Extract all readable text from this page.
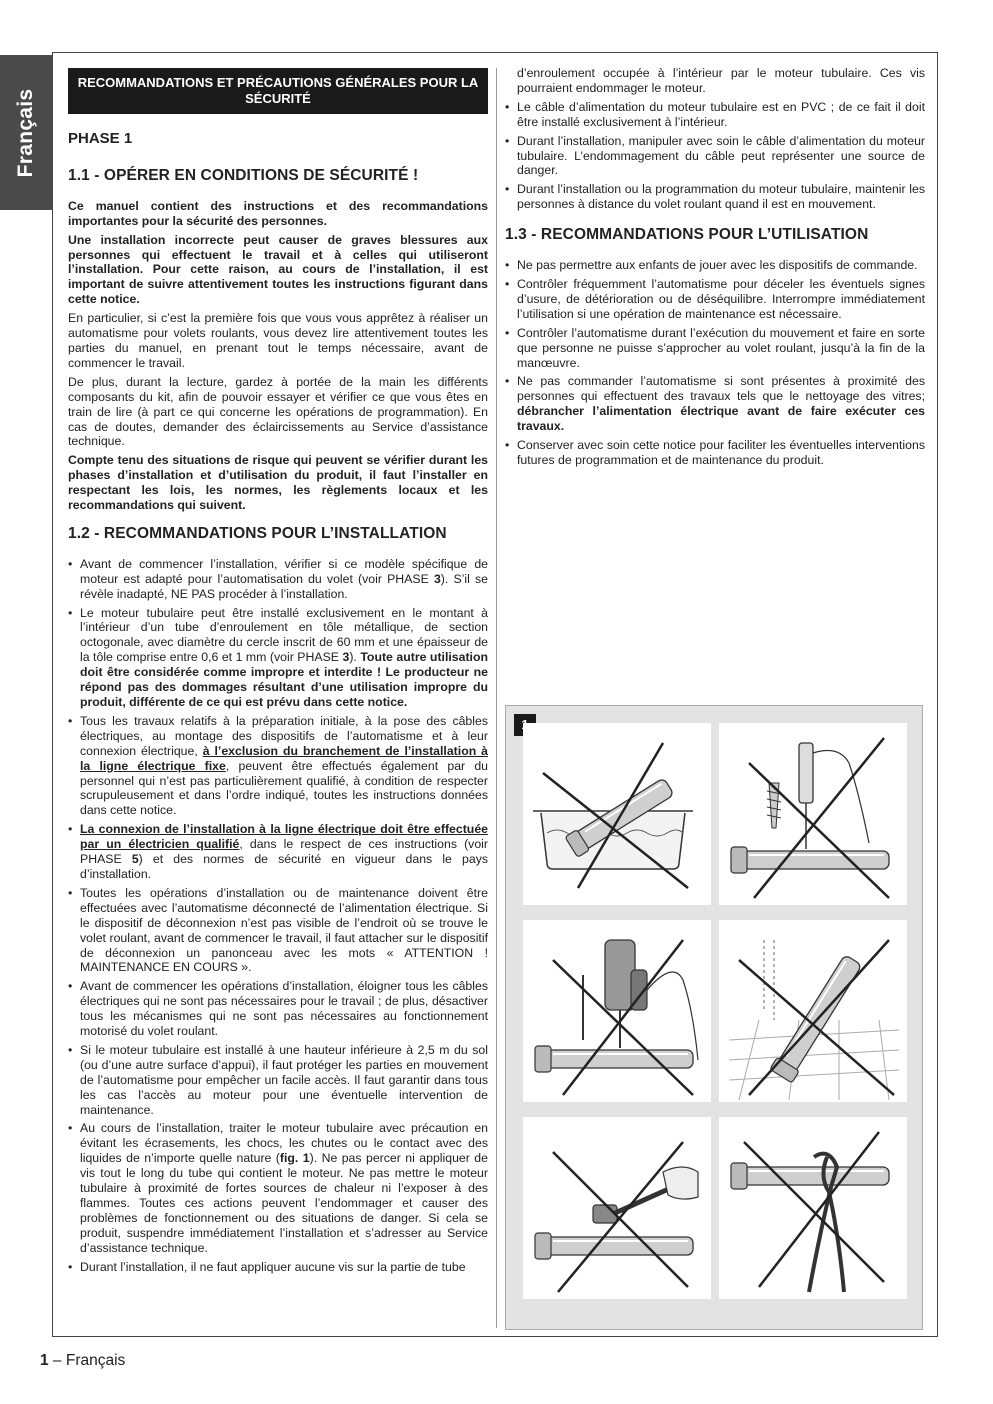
Français
RECOMMANDATIONS ET PRÉCAUTIONS GÉNÉRALES POUR LA SÉCURITÉ
PHASE 1
1.1 - OPÉRER EN CONDITIONS DE SÉCURITÉ !

Ce manuel contient des instructions et des recommandations importantes pour la sécurité des personnes.

Une installation incorrecte peut causer de graves blessures aux personnes qui effectuent le travail et à celles qui utiliseront l’installation. Pour cette raison, au cours de l’installation, il est important de suivre attentivement toutes les instructions figurant dans cette notice.

En particulier, si c’est la première fois que vous vous apprêtez à réaliser un automatisme pour volets roulants, vous devez lire attentivement toutes les parties du manuel, en prenant tout le temps nécessaire, avant de commencer le travail.

De plus, durant la lecture, gardez à portée de la main les différents composants du kit, afin de pouvoir essayer et vérifier ce que vous êtes en train de lire (à part ce qui concerne les opérations de programmation). En cas de doutes, demander des éclaircissements au Service d’assistance technique.

Compte tenu des situations de risque qui peuvent se vérifier durant les phases d’installation et d’utilisation du produit, il faut l’installer en respectant les lois, les normes, les règlements locaux et les recommandations qui suivent.

1.2 - RECOMMANDATIONS POUR L’INSTALLATION
• Avant de commencer l’installation, vérifier si ce modèle spécifique de moteur est adapté pour l’automatisation du volet (voir PHASE 3). S’il se révèle inadapté, NE PAS procéder à l’installation.
• Le moteur tubulaire peut être installé exclusivement en le montant à l’intérieur d’un tube d’enroulement en tôle métallique, de section octogonale, avec diamètre du cercle inscrit de 60 mm et une épaisseur de la tôle comprise entre 0,6 et 1 mm (voir PHASE 3). Toute autre utilisation doit être considérée comme impropre et interdite ! Le producteur ne répond pas des dommages résultant d’une utilisation impropre du produit, différente de ce qui est prévu dans cette notice.
• Tous les travaux relatifs à la préparation initiale, à la pose des câbles électriques, au montage des dispositifs de l’automatisme et à leur connexion électrique, à l’exclusion du branchement de l’installation à la ligne électrique fixe, peuvent être effectués également par du personnel qui n’est pas particulièrement qualifié, à condition de respecter scrupuleusement et dans l’ordre indiqué, toutes les instructions données dans cette notice.
• La connexion de l’installation à la ligne électrique doit être effectuée par un électricien qualifié, dans le respect de ces instructions (voir PHASE 5) et des normes de sécurité en vigueur dans le pays d’installation.
• Toutes les opérations d’installation ou de maintenance doivent être effectuées avec l’automatisme déconnecté de l’alimentation électrique. Si le dispositif de déconnexion n’est pas visible de l’endroit où se trouve le volet roulant, avant de commencer le travail, il faut attacher sur le dispositif de déconnexion un panonceau avec les mots « ATTENTION ! MAINTENANCE EN COURS ».
• Avant de commencer les opérations d’installation, éloigner tous les câbles électriques qui ne sont pas nécessaires pour le travail ; de plus, désactiver tous les mécanismes qui ne sont pas nécessaires au fonctionnement motorisé du volet roulant.
• Si le moteur tubulaire est installé à une hauteur inférieure à 2,5 m du sol (ou d’une autre surface d’appui), il faut protéger les parties en mouvement de l’automatisme pour empêcher un facile accès. Il faut garantir dans tous les cas l’accès au moteur pour une éventuelle intervention de maintenance.
• Au cours de l’installation, traiter le moteur tubulaire avec précaution en évitant les écrasements, les chocs, les chutes ou le contact avec des liquides de n’importe quelle nature (fig. 1). Ne pas percer ni appliquer de vis tout le long du tube qui contient le moteur. Ne pas mettre le moteur tubulaire à proximité de fortes sources de chaleur ni l’exposer à des flammes. Toutes ces actions peuvent l’endommager et causer des problèmes de fonctionnement ou des situations de danger. Si cela se produit, suspendre immédiatement l’installation et s’adresser au Service d’assistance technique.
• Durant l’installation, il ne faut appliquer aucune vis sur la partie de tube

d’enroulement occupée à l’intérieur par le moteur tubulaire. Ces vis pourraient endommager le moteur.

• Le câble d’alimentation du moteur tubulaire est en PVC ; de ce fait il doit être installé exclusivement à l’intérieur.
• Durant l’installation, manipuler avec soin le câble d’alimentation du moteur tubulaire. L’endommagement du câble peut représenter une source de danger.
• Durant l’installation ou la programmation du moteur tubulaire, maintenir les personnes à distance du volet roulant quand il est en mouvement.
1.3 - RECOMMANDATIONS POUR L’UTILISATION
• Ne pas permettre aux enfants de jouer avec les dispositifs de commande.
• Contrôler fréquemment l’automatisme pour déceler les éventuels signes d’usure, de détérioration ou de déséquilibre. Interrompre immédiatement l’utilisation si une opération de maintenance est nécessaire.
• Contrôler l’automatisme durant l’exécution du mouvement et faire en sorte que personne ne puisse s’approcher au volet roulant, jusqu’à la fin de la manœuvre.
• Ne pas commander l’automatisme si sont présentes à proximité des personnes qui effectuent des travaux tels que le nettoyage des vitres; débrancher l’alimentation électrique avant de faire exécuter ces travaux.
• Conserver avec soin cette notice pour faciliter les éventuelles interventions futures de programmation et de maintenance du produit.
1 – Français
